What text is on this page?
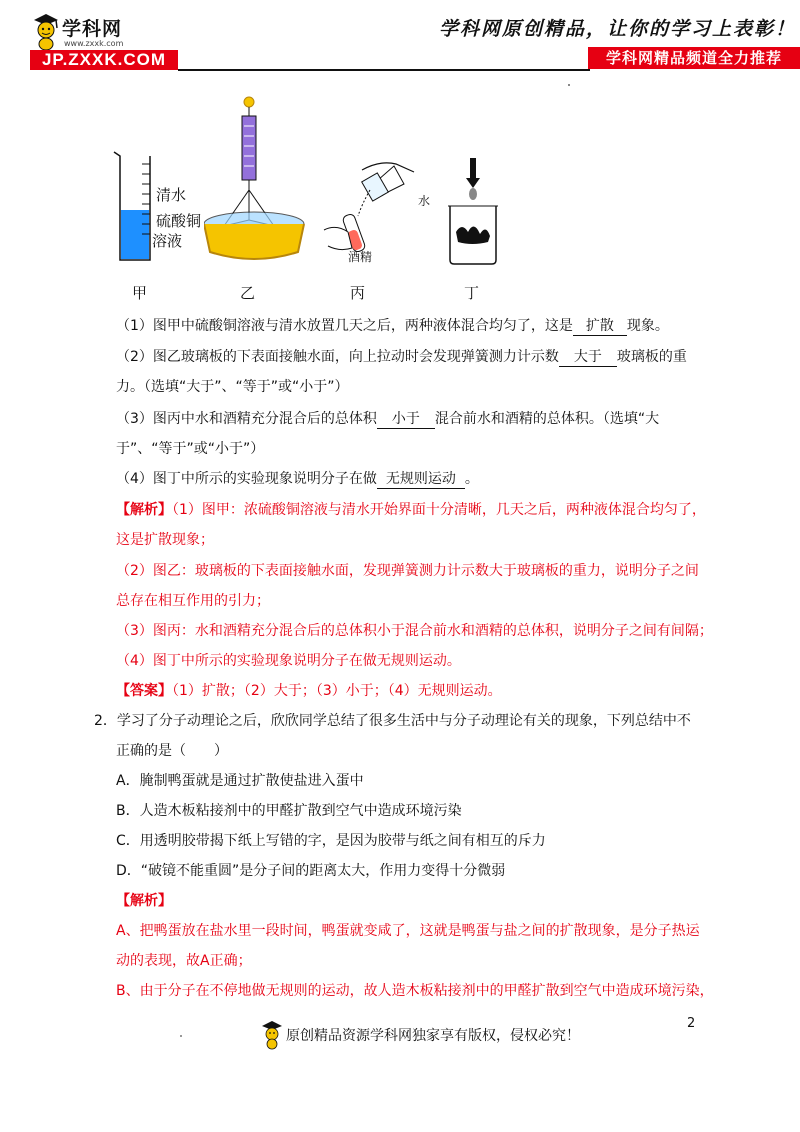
学科网
www.zxxk.com
JP.ZXXK.COM
学科网原创精品，让你的学习上表彰！
学科网精品频道全力推荐
清水
硫酸铜
溶液
水
酒精
甲	乙	丙	丁
（1）图甲中硫酸铜溶液与清水放置几天之后，两种液体混合均匀了，这是 扩散 现象。
（2）图乙玻璃板的下表面接触水面，向上拉动时会发现弹簧测力计示数 大于 玻璃板的重
力。（选填“大于”、“等于”或“小于”）
（3）图丙中水和酒精充分混合后的总体积 小于 混合前水和酒精的总体积。（选填“大
于”、“等于”或“小于”）
（4）图丁中所示的实验现象说明分子在做 无规则运动 。
【解析】（1）图甲：浓硫酸铜溶液与清水开始界面十分清晰，几天之后，两种液体混合均匀了，
这是扩散现象；
（2）图乙：玻璃板的下表面接触水面，发现弹簧测力计示数大于玻璃板的重力，说明分子之间
总存在相互作用的引力；
（3）图丙：水和酒精充分混合后的总体积小于混合前水和酒精的总体积，说明分子之间有间隔；
（4）图丁中所示的实验现象说明分子在做无规则运动。
【答案】（1）扩散；（2）大于；（3）小于；（4）无规则运动。
2．学习了分子动理论之后，欣欣同学总结了很多生活中与分子动理论有关的现象，下列总结中不
正确的是（　　）
A．腌制鸭蛋就是通过扩散使盐进入蛋中
B．人造木板粘接剂中的甲醛扩散到空气中造成环境污染
C．用透明胶带揭下纸上写错的字，是因为胶带与纸之间有相互的斥力
D．“破镜不能重圆”是分子间的距离太大，作用力变得十分微弱
【解析】
A、把鸭蛋放在盐水里一段时间，鸭蛋就变咸了，这就是鸭蛋与盐之间的扩散现象，是分子热运
动的表现，故A正确；
B、由于分子在不停地做无规则的运动，故人造木板粘接剂中的甲醛扩散到空气中造成环境污染，
2
原创精品资源学科网独家享有版权，侵权必究！
